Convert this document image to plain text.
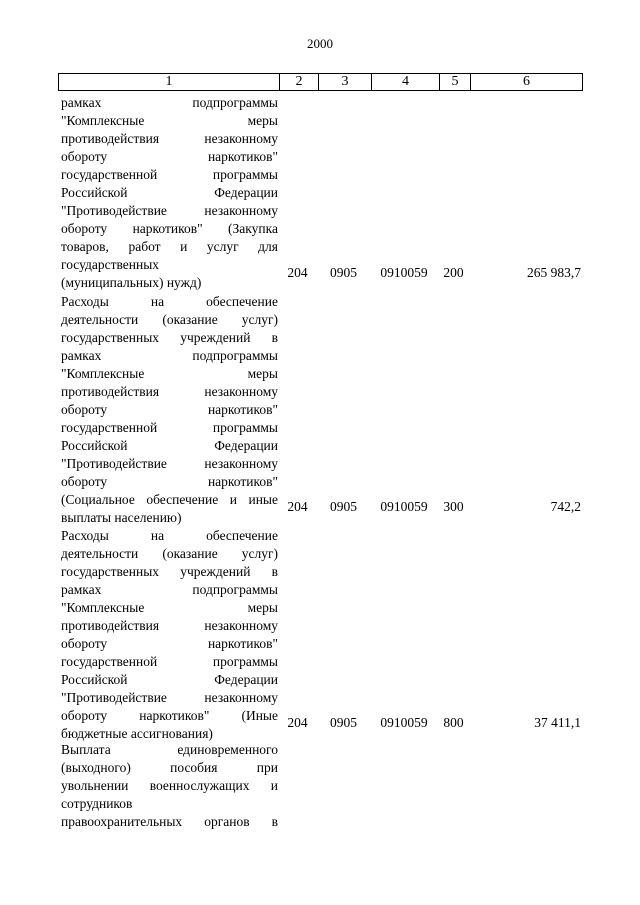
2000
1	2	3	4	5	6
рамках подпрограммы
"Комплексные меры
противодействия незаконному
обороту наркотиков"
государственной программы
Российской Федерации
"Противодействие незаконному
обороту наркотиков" (Закупка
товаров, работ и услуг для
государственных
(муниципальных) нужд)
204	0905	0910059	200	265 983,7
Расходы на обеспечение
деятельности (оказание услуг)
государственных учреждений в
рамках подпрограммы
"Комплексные меры
противодействия незаконному
обороту наркотиков"
государственной программы
Российской Федерации
"Противодействие незаконному
обороту наркотиков"
(Социальное обеспечение и иные
выплаты населению)
204	0905	0910059	300	742,2
Расходы на обеспечение
деятельности (оказание услуг)
государственных учреждений в
рамках подпрограммы
"Комплексные меры
противодействия незаконному
обороту наркотиков"
государственной программы
Российской Федерации
"Противодействие незаконному
обороту наркотиков" (Иные
бюджетные ассигнования)
204	0905	0910059	800	37 411,1
Выплата единовременного
(выходного) пособия при
увольнении военнослужащих и
сотрудников
правоохранительных органов в
